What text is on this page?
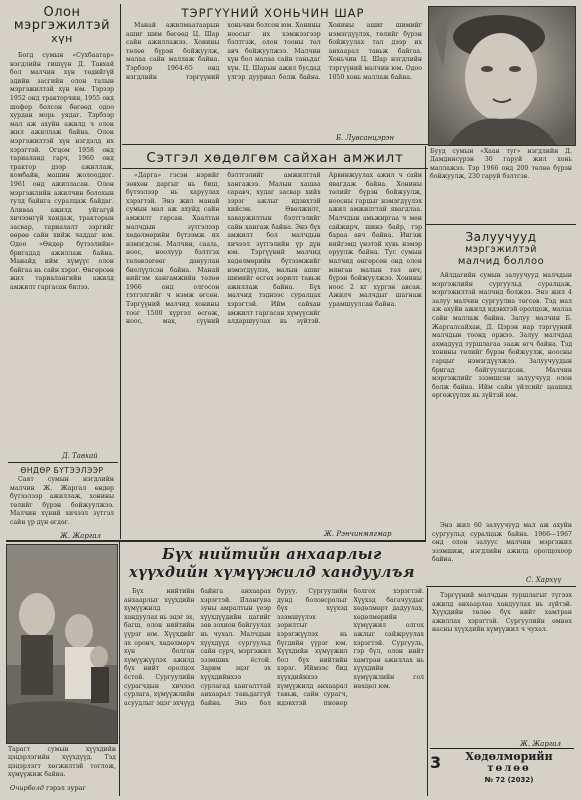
Олон
мэргэжилтэй
хүн

Богд сумын «Сухбаатар» нэгдлийн гишүүн Д. Тавхай бол малчин хүн төдийгүй эдийн засгийн олон талын мэргэжилтэй хүн юм. Тэрээр 1952 онд тракторчин, 1955 онд шофер болсон бөгөөд одоо хурдан морь уядаг. Тэрбээр мал аж ахуйн ажилд ч олон жил ажиллаж байна. Олон мэргэжилтэй хүн нэгдэлд их хэрэгтэй. Огцом 1958 онд тариаланд гарч, 1960 онд трактор дээр ажиллаж, комбайн, машин жолооддог. 1961 онд ажилласан. Олон мэргэжлийн ажилчин болохын тулд байнга суралцаж байдаг. Аливаа ажилд уйгагүй хичээнгүй хандаж, тракторын засвар, тариалалт зэргийг өөрөө сайн хийж чаддаг юм. Одоо «Өндөр бүтээлийн» бригадад ажиллаж байна. Манайд ийм хүмүүс олон байгаа нь сайн хэрэг. Өнгөрсөн жил тариалангийн ажилд амжилт гаргасан билээ.

Д. Тавхай
ӨНДӨР БҮТЭЭЛЭЭР

Саят сумын нэгдлийн малчин Ж. Жаргал өндөр бүтээлээр ажиллаж, хонины төлийг бүрэн бойжуулжээ. Малчин хүний хичээл зүтгэл сайн үр дүн өгдөг.

Ж. Жаргал
ТЭРГҮҮНИЙ ХОНЬЧИН ШАР

Манай ажилмаатаарын ашиг шим бөгөөд Ц. Шар сайн ажиллажээ. Хонины төлөө бүрэн бойжуулж, малаа сайн маллаж байна. Тэрбээр 1964-65 онд нэгдлийн тэргүүний хоньчин болсон юм. Хонины ноосыг их хэмжээгээр бэлтгэж, олон тооны төл авч бойжуулжээ. Малчин хүн бол малаа сайн таньдаг хүн. Ц. Шарын ажил бусдад үлгэр дууриал болж байна. Хонины ашиг шимийг нэмэгдүүлэх, төлийг бүрэн бойжуулах тал дээр их анхаарал тавьж байгаа. Хоньчин Ц. Шар нэгдлийн тэргүүний малчин юм. Одоо 1050 хонь маллаж байна.

Б. Лувсанцэрэн
Бууд сумын «Хаан туг» нэгдлийн Д. Дамдинсүрэн 30 гаруй жил хонь маллажээ. Тэр 1966 онд 200 төлөө бүрэн бойжуулж, 230 гаруй бэлтгэв.
Сэтгэл хөдөлгөм сайхан амжилт

«Дарга» гэсэн нэрийг зөвхөн даргыг нь биш, бүтээлээр нь харуулах хэрэгтэй. Энэ жил манай сумын мал аж ахуйд сайн амжилт гарсан. Хаалтан малчдын зүтгэлээр хөдөлмөрийн бүтээмж их нэмэгдсэн. Малчин, сааль, ноос, ноолуур бэлтгэх төлөвлөгөөг давуулан биелүүлсэн байна. Манай нийгэм хангамжийн төлөө 1966 онд олгосон тэтгэлгийг ч нэмж өгсөн. Тэргүүний малчид хонины тоог 1500 хүртэл өсгөж, ноос, мах, сүүний бэлтгэлийг амжилттай хангажээ. Малын хашаа саравч, худаг засвар хийх зэрэг ажлыг идэвхтэй хийсэн. Өвөлжилт, хаваржилтын бэлтгэлийг сайн хангаж байна. Энэ бүх амжилт бол малчдын хичээл зүтгэлийн үр дүн юм. Тэргүүний малчид хөдөлмөрийн бүтээмжийг нэмэгдүүлэх, малын ашиг шимийг өсгөх зорилт тавьж ажиллаж байна. Бүх малчид тэднээс суралцах хэрэгтэй. Ийм сайхан амжилт гаргасан хүмүүсийг алдаршуулах нь зүйтэй. Арвинжуулах ажил ч сайн явагдаж байна. Хонины төлийг бүрэн бойжуулж, ноосны гарцыг нэмэгдүүлэх ажил амжилттай явагдлаа. Малчдын амьжиргаа ч мөн сайжирч, шинэ байр, гэр бараа авч байна. Ингэж нийгэмд үнэтэй хувь нэмэр оруулж байна. Тус сумын малчид өнгөрсөн онд олон мянган малын төл авч, бүрэн бойжуулжээ. Хонины ноос 2 кг хүргэн авсан. Ажилч малчдыг шагнаж урамшуулсан байна.

Ж. Рэнчинмягмар
Залуучууд
мэргэжилтэй
малчид боллоо

Айлдагийн сумын залуучууд малчдын мэргэжлийн сургуульд суралцаж, мэргэжилтэй малчид болжээ. Энэ жил 4 залуу малчин сургуулиа төгсөв. Тэд мал аж ахуйн ажилд идэвхтэй оролцож, малаа сайн маллаж байна. Залуу малчин Б. Жаргалсайхан, Д. Цэрэн нар тэргүүний малчдын тоонд оржээ. Залуу малчдад ахмадууд туршлагаа зааж өгч байна. Тэд хонины төлийг бүрэн бойжуулж, ноосны гарцыг нэмэгдүүлжээ. Залуучуудын бригад байгуулагдсан. Малчин мэргэжлийг эзэмшсэн залуучууд олон болж байна. Ийм сайн үйлсийг цаашид өргөжүүлэх нь зүйтэй юм.

Энэ жил 60 залуучууд мал аж ахуйн сургуульд суралцаж байна. 1966—1967 онд олон залуус малчин мэргэжил эзэмшиж, нэгдлийн ажилд оролцохоор байна.

С. Хархүү
Тарагт сумын хүүхдийн цэцэрлэгийн хүүхдүүд. Тэд цэцэрлэгт хөгжилтэй тоглож, хүмүүжиж байна.
Очирболд гэрэл зураг
Бүх нийтийн анхаарлыг хүүхдийн хүмүүжилд хандуулъя

Бүх нийтийн анхаарлыг хүүхдийн хүмүүжилд хандуулах нь эцэг эх, багш, олон нийтийн үүрэг юм. Хүүхдийг эх оронч, хөдөлмөрч хүн болгон хүмүүжүүлэх ажилд бүх нийт оролцох ёстой. Сургуулийн сурагчдын хичээл сурлага, хүмүүжлийн асуудлыг эцэг эхчүүд байнга анхаарах хэрэгтэй. Ялангуяа зуны амралтын үеэр хүүхдүүдийн цагийг зөв зохион байгуулах нь чухал. Малчдын хүүхдүүд сургуульд сайн сурч, мэргэжил эзэмших ёстой. Зарим эцэг эх хүүхдийнхээ сурлагад хангалттай анхаарал тавьдаггүй байна. Энэ бол буруу. Сургуулийн дунд боловсролыг бүх хүүхэд эзэмшүүлэх зорилтыг хэрэгжүүлэх нь бүгдийн үүрэг юм. Хүүхдийн хүмүүжил бол бүх нийтийн хэрэг. Иймээс бид хүүхдийнхээ хүмүүжилд анхаарал тавьж, сайн сурагч, идэвхтэй пионер болгох хэрэгтэй. Хүүхэд багачуудыг хөдөлмөрт дадуулах, хөдөлмөрийн хүмүүжил олгох ажлыг сайжруулах хэрэгтэй. Сургууль, гэр бүл, олон нийт хамтран ажиллах нь хүүхдийн хүмүүжлийн гол нөхцөл юм.

Тэргүүний малчдын туршлагыг түгээх ажилд анхаарлаа хандуулах нь зүйтэй. Хүүхдийн төлөө бүх нийт хамтран ажиллах хэрэгтэй. Сургуулийн өмнөх насны хүүхдийн хүмүүжил ч чухал.

Ж. Жаргал
3	Хөдөлмөрийн
төлөө
№ 72 (2032)
